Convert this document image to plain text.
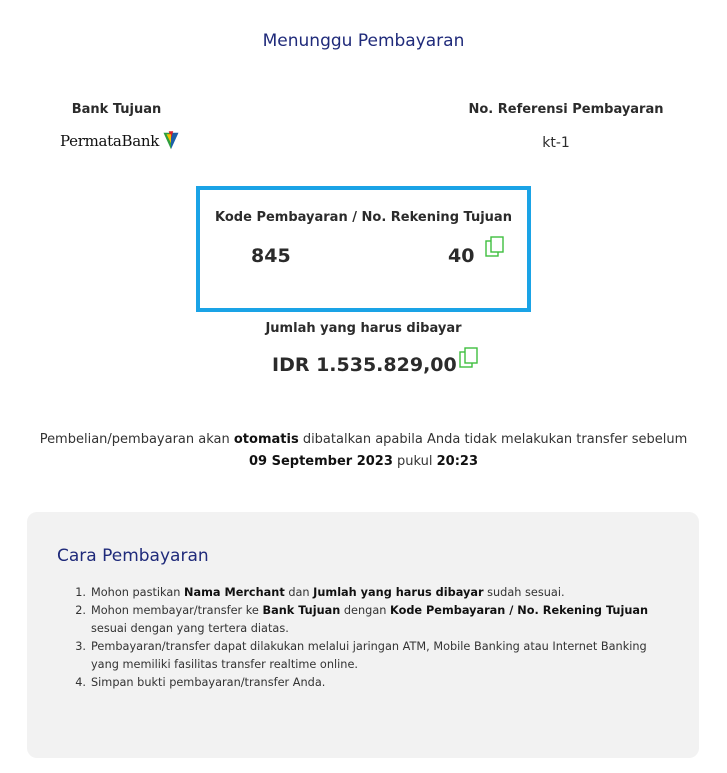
Menunggu Pembayaran
Bank Tujuan
PermataBank
No. Referensi Pembayaran
kt-1
Kode Pembayaran / No. Rekening Tujuan
845	40
Jumlah yang harus dibayar
IDR 1.535.829,00
Pembelian/pembayaran akan otomatis dibatalkan apabila Anda tidak melakukan transfer sebelum 09 September 2023 pukul 20:23
Cara Pembayaran
1. Mohon pastikan Nama Merchant dan Jumlah yang harus dibayar sudah sesuai.
2. Mohon membayar/transfer ke Bank Tujuan dengan Kode Pembayaran / No. Rekening Tujuan sesuai dengan yang tertera diatas.
3. Pembayaran/transfer dapat dilakukan melalui jaringan ATM, Mobile Banking atau Internet Banking yang memiliki fasilitas transfer realtime online.
4. Simpan bukti pembayaran/transfer Anda.
